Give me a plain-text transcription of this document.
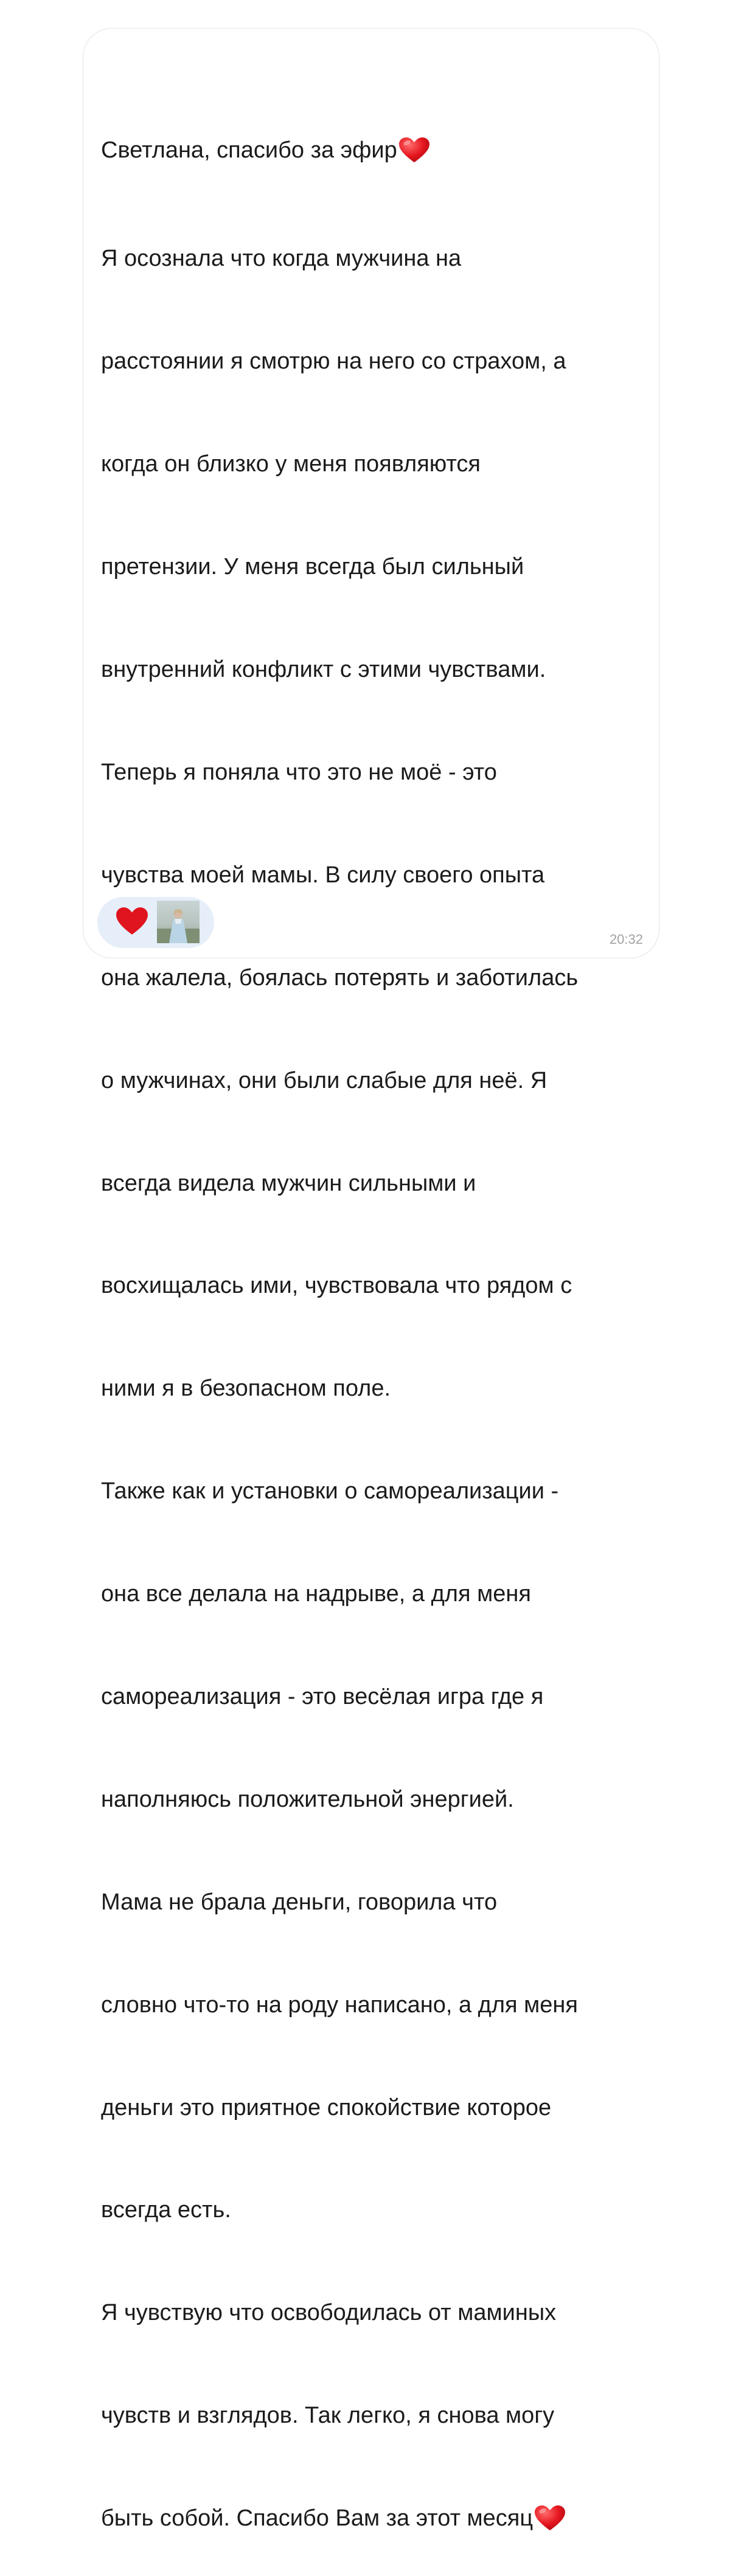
Светлана, спасибо за эфир

Я осознала что когда мужчина на

расстоянии я смотрю на него со страхом, а

когда он близко у меня появляются

претензии. У меня всегда был сильный

внутренний конфликт с этими чувствами.

Теперь я поняла что это не моё - это

чувства моей мамы. В силу своего опыта

она жалела, боялась потерять и заботилась

о мужчинах, они были слабые для неё. Я

всегда видела мужчин сильными и

восхищалась ими, чувствовала что рядом с

ними я в безопасном поле.

Также как и установки о самореализации -

она все делала на надрыве, а для меня

самореализация - это весёлая игра где я

наполняюсь положительной энергией.

Мама не брала деньги, говорила что

словно что-то на роду написано, а для меня

деньги это приятное спокойствие которое

всегда есть.

Я чувствую что освободилась от маминых

чувств и взглядов. Так легко, я снова могу

быть собой. Спасибо Вам за этот месяц

20:32
